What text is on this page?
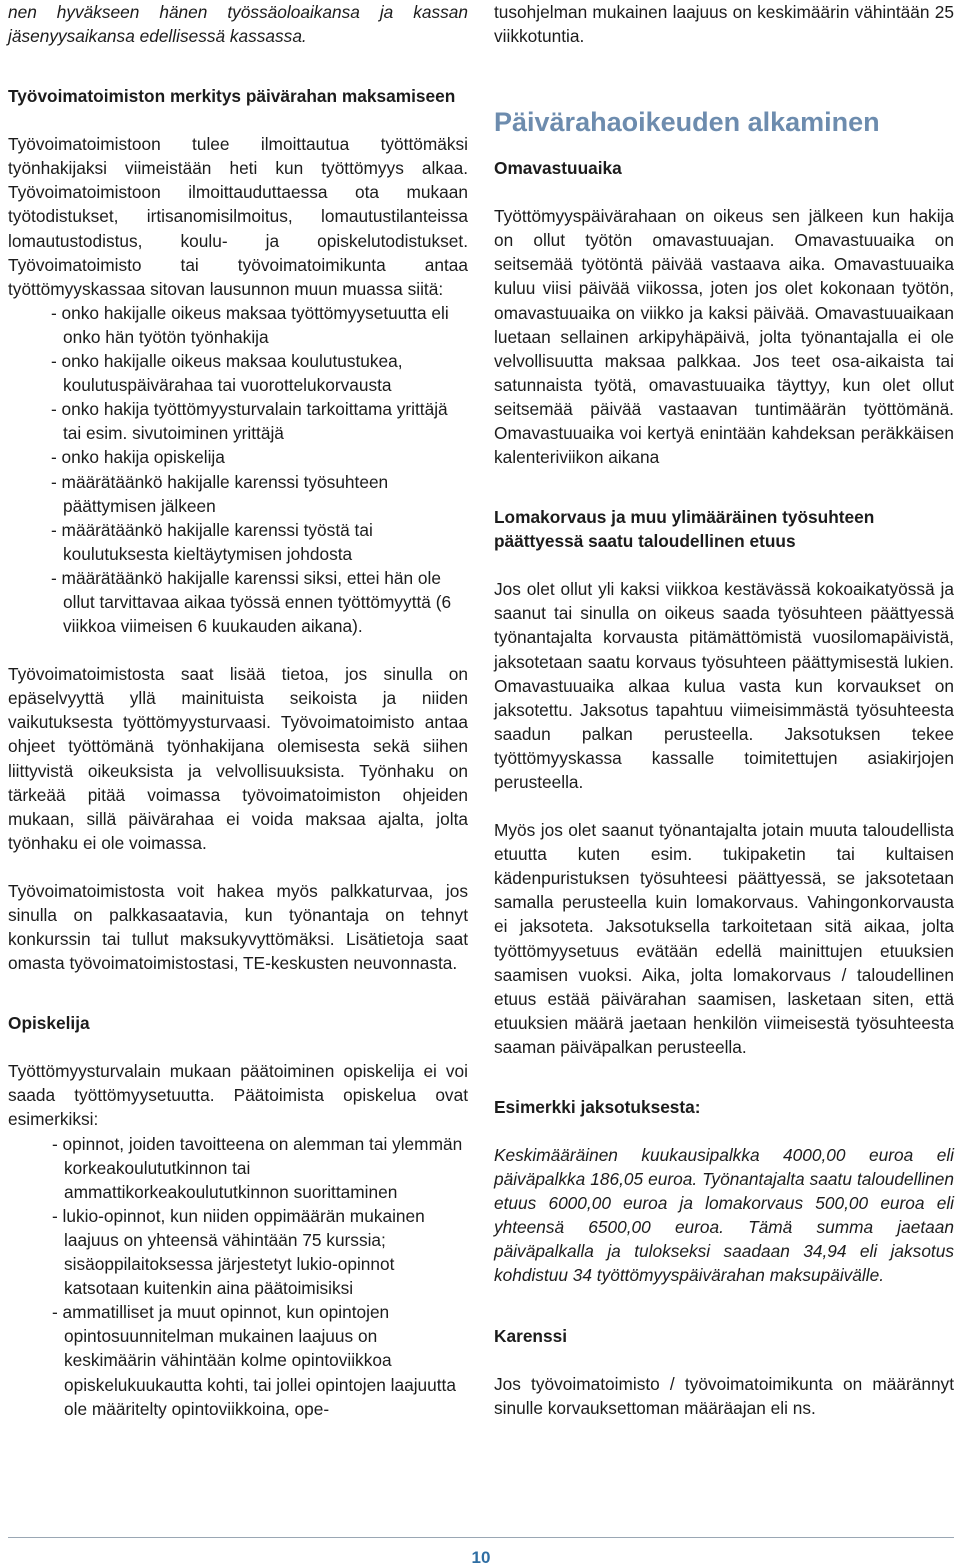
nen hyväkseen hänen työssäoloaikansa ja kassan jäsenyysaikansa edellisessä kassassa.

Työvoimatoimiston merkitys päivärahan maksamiseen

Työvoimatoimistoon tulee ilmoittautua työttömäksi työnhakijaksi viimeistään heti kun työttömyys alkaa. Työvoimatoimistoon ilmoittauduttaessa ota mukaan työtodistukset, irtisanomisilmoitus, lomautustilanteissa lomautustodistus, koulu- ja opiskelutodistukset. Työvoimatoimisto tai työvoimatoimikunta antaa työttömyyskassaa sitovan lausunnon muun muassa siitä:

- onko hakijalle oikeus maksaa työttömyysetuutta eli onko hän työtön työnhakija
- onko hakijalle oikeus maksaa koulutustukea, koulutuspäivärahaa tai vuorottelukorvausta
- onko hakija työttömyysturvalain tarkoittama yrittäjä tai esim. sivutoiminen yrittäjä
- onko hakija opiskelija
- määrätäänkö hakijalle karenssi työsuhteen päättymisen jälkeen
- määrätäänkö hakijalle karenssi työstä tai koulutuksesta kieltäytymisen johdosta
- määrätäänkö hakijalle karenssi siksi, ettei hän ole ollut tarvittavaa aikaa työssä ennen työttömyyttä (6 viikkoa viimeisen 6 kuukauden aikana).

Työvoimatoimistosta saat lisää tietoa, jos sinulla on epäselvyyttä yllä mainituista seikoista ja niiden vaikutuksesta työttömyysturvaasi. Työvoimatoimisto antaa ohjeet työttömänä työnhakijana olemisesta sekä siihen liittyvistä oikeuksista ja velvollisuuksista. Työnhaku on tärkeää pitää voimassa työvoimatoimiston ohjeiden mukaan, sillä päivärahaa ei voida maksaa ajalta, jolta työnhaku ei ole voimassa.

Työvoimatoimistosta voit hakea myös palkkaturvaa, jos sinulla on palkkasaatavia, kun työnantaja on tehnyt konkurssin tai tullut maksukyvyttömäksi. Lisätietoja saat omasta työvoimatoimistostasi, TE-keskusten neuvonnasta.

Opiskelija

Työttömyysturvalain mukaan päätoiminen opiskelija ei voi saada työttömyysetuutta. Päätoimista opiskelua ovat esimerkiksi:

- opinnot, joiden tavoitteena on alemman tai ylemmän korkeakoulututkinnon tai ammattikorkeakoulututkinnon suorittaminen
- lukio-opinnot, kun niiden oppimäärän mukainen laajuus on yhteensä vähintään 75 kurssia; sisäoppilaitoksessa järjestetyt lukio-opinnot katsotaan kuitenkin aina päätoimisiksi
- ammatilliset ja muut opinnot, kun opintojen opintosuunnitelman mukainen laajuus on keskimäärin vähintään kolme opintoviikkoa opiskelukuukautta kohti, tai jollei opintojen laajuutta ole määritelty opintoviikkoina, ope-

tusohjelman mukainen laajuus on keskimäärin vähintään 25 viikkotuntia.

Päivärahaoikeuden alkaminen
Omavastuuaika

Työttömyyspäivärahaan on oikeus sen jälkeen kun hakija on ollut työtön omavastuuajan. Omavastuuaika on seitsemää työtöntä päivää vastaava aika. Omavastuuaika kuluu viisi päivää viikossa, joten jos olet kokonaan työtön, omavastuuaika on viikko ja kaksi päivää. Omavastuuaikaan luetaan sellainen arkipyhäpäivä, jolta työnantajalla ei ole velvollisuutta maksaa palkkaa. Jos teet osa-aikaista tai satunnaista työtä, omavastuuaika täyttyy, kun olet ollut seitsemää päivää vastaavan tuntimäärän työttömänä. Omavastuuaika voi kertyä enintään kahdeksan peräkkäisen kalenteriviikon aikana

Lomakorvaus ja muu ylimääräinen työsuhteen päättyessä saatu taloudellinen etuus

Jos olet ollut yli kaksi viikkoa kestävässä kokoaikatyössä ja saanut tai sinulla on oikeus saada työsuhteen päättyessä työnantajalta korvausta pitämättömistä vuosilomapäivistä, jaksotetaan saatu korvaus työsuhteen päättymisestä lukien. Omavastuuaika alkaa kulua vasta kun korvaukset on jaksotettu. Jaksotus tapahtuu viimeisimmästä työsuhteesta saadun palkan perusteella. Jaksotuksen tekee työttömyyskassa kassalle toimitettujen asiakirjojen perusteella.

Myös jos olet saanut työnantajalta jotain muuta taloudellista etuutta kuten esim. tukipaketin tai kultaisen kädenpuristuksen työsuhteesi päättyessä, se jaksotetaan samalla perusteella kuin lomakorvaus. Vahingonkorvausta ei jaksoteta. Jaksotuksella tarkoitetaan sitä aikaa, jolta työttömyysetuus evätään edellä mainittujen etuuksien saamisen vuoksi. Aika, jolta lomakorvaus / taloudellinen etuus estää päivärahan saamisen, lasketaan siten, että etuuksien määrä jaetaan henkilön viimeisestä työsuhteesta saaman päiväpalkan perusteella.

Esimerkki jaksotuksesta:

Keskimääräinen kuukausipalkka 4000,00 euroa eli päiväpalkka 186,05 euroa. Työnantajalta saatu taloudellinen etuus 6000,00 euroa ja lomakorvaus 500,00 euroa eli yhteensä 6500,00 euroa. Tämä summa jaetaan päiväpalkalla ja tulokseksi saadaan 34,94 eli jaksotus kohdistuu 34 työttömyyspäivärahan maksupäivälle.

Karenssi

Jos työvoimatoimisto / työvoimatoimikunta on määrännyt sinulle korvauksettoman määräajan eli ns.

10
